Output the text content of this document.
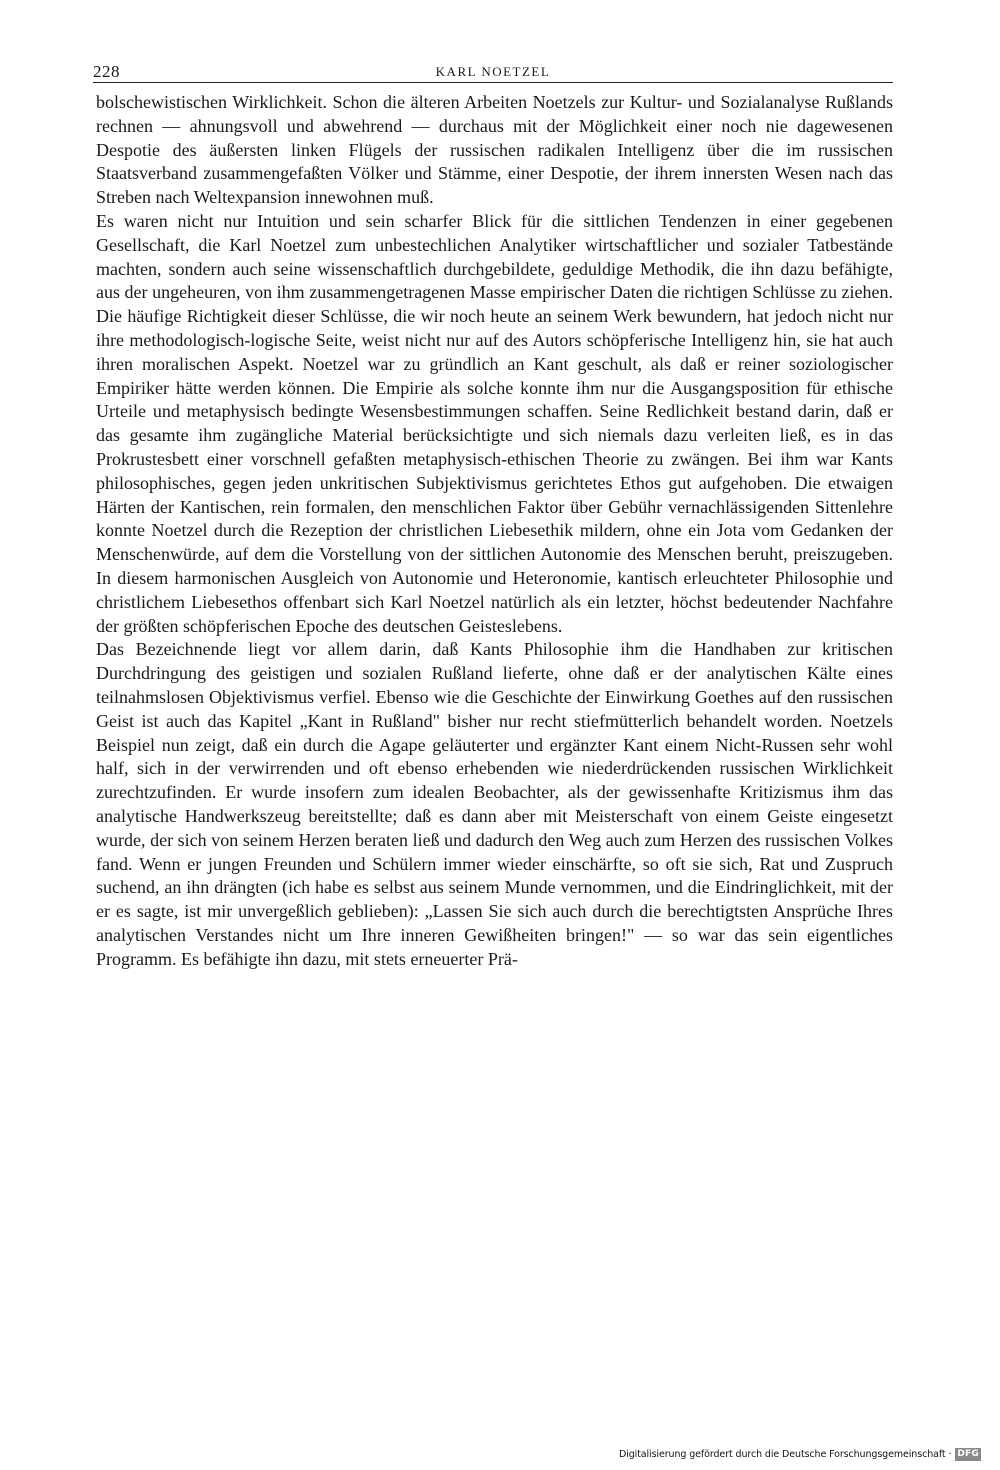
228	KARL NOETZEL

bolschewistischen Wirklichkeit. Schon die älteren Arbeiten Noetzels zur Kultur- und Sozialanalyse Rußlands rechnen — ahnungsvoll und abwehrend — durchaus mit der Möglichkeit einer noch nie dagewesenen Despotie des äußersten linken Flügels der russischen radikalen Intelligenz über die im russischen Staatsverband zusammengefaßten Völker und Stämme, einer Despotie, der ihrem innersten Wesen nach das Streben nach Weltexpansion innewohnen muß.

Es waren nicht nur Intuition und sein scharfer Blick für die sittlichen Tendenzen in einer gegebenen Gesellschaft, die Karl Noetzel zum unbestechlichen Analytiker wirtschaftlicher und sozialer Tatbestände machten, sondern auch seine wissenschaftlich durchgebildete, geduldige Methodik, die ihn dazu befähigte, aus der ungeheuren, von ihm zusammengetragenen Masse empirischer Daten die richtigen Schlüsse zu ziehen. Die häufige Richtigkeit dieser Schlüsse, die wir noch heute an seinem Werk bewundern, hat jedoch nicht nur ihre methodologisch-logische Seite, weist nicht nur auf des Autors schöpferische Intelligenz hin, sie hat auch ihren moralischen Aspekt. Noetzel war zu gründlich an Kant geschult, als daß er reiner soziologischer Empiriker hätte werden können. Die Empirie als solche konnte ihm nur die Ausgangsposition für ethische Urteile und metaphysisch bedingte Wesensbestimmungen schaffen. Seine Redlichkeit bestand darin, daß er das gesamte ihm zugängliche Material berücksichtigte und sich niemals dazu verleiten ließ, es in das Prokrustesbett einer vorschnell gefaßten metaphysisch-ethischen Theorie zu zwängen. Bei ihm war Kants philosophisches, gegen jeden unkritischen Subjektivismus gerichtetes Ethos gut aufgehoben. Die etwaigen Härten der Kantischen, rein formalen, den menschlichen Faktor über Gebühr vernachlässigenden Sittenlehre konnte Noetzel durch die Rezeption der christlichen Liebesethik mildern, ohne ein Jota vom Gedanken der Menschenwürde, auf dem die Vorstellung von der sittlichen Autonomie des Menschen beruht, preiszugeben. In diesem harmonischen Ausgleich von Autonomie und Heteronomie, kantisch erleuchteter Philosophie und christlichem Liebesethos offenbart sich Karl Noetzel natürlich als ein letzter, höchst bedeutender Nachfahre der größten schöpferischen Epoche des deutschen Geisteslebens.

Das Bezeichnende liegt vor allem darin, daß Kants Philosophie ihm die Handhaben zur kritischen Durchdringung des geistigen und sozialen Rußland lieferte, ohne daß er der analytischen Kälte eines teilnahmslosen Objektivismus verfiel. Ebenso wie die Geschichte der Einwirkung Goethes auf den russischen Geist ist auch das Kapitel „Kant in Rußland" bisher nur recht stiefmütterlich behandelt worden. Noetzels Beispiel nun zeigt, daß ein durch die Agape geläuterter und ergänzter Kant einem Nicht-Russen sehr wohl half, sich in der verwirrenden und oft ebenso erhebenden wie niederdrückenden russischen Wirklichkeit zurechtzufinden. Er wurde insofern zum idealen Beobachter, als der gewissenhafte Kritizismus ihm das analytische Handwerkszeug bereitstellte; daß es dann aber mit Meisterschaft von einem Geiste eingesetzt wurde, der sich von seinem Herzen beraten ließ und dadurch den Weg auch zum Herzen des russischen Volkes fand. Wenn er jungen Freunden und Schülern immer wieder einschärfte, so oft sie sich, Rat und Zuspruch suchend, an ihn drängten (ich habe es selbst aus seinem Munde vernommen, und die Eindringlichkeit, mit der er es sagte, ist mir unvergeßlich geblieben): „Lassen Sie sich auch durch die berechtigtsten Ansprüche Ihres analytischen Verstandes nicht um Ihre inneren Gewißheiten bringen!" — so war das sein eigentliches Programm. Es befähigte ihn dazu, mit stets erneuerter Prä-

Digitalisierung gefördert durch die Deutsche Forschungsgemeinschaft · DFG
